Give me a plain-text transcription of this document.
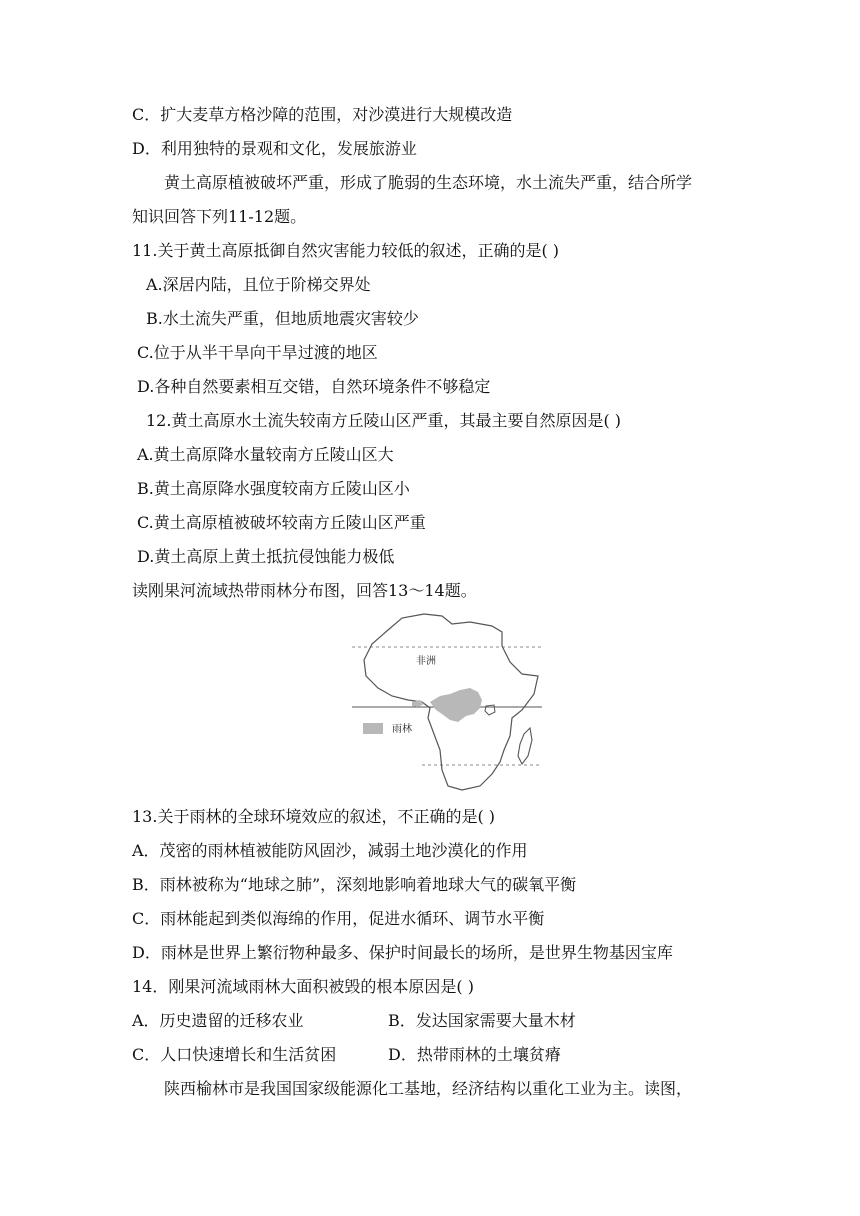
C．扩大麦草方格沙障的范围，对沙漠进行大规模改造
D．利用独特的景观和文化，发展旅游业
黄土高原植被破坏严重，形成了脆弱的生态环境，水土流失严重，结合所学
知识回答下列11-12题。
11.关于黄土高原抵御自然灾害能力较低的叙述，正确的是( )
A.深居内陆，且位于阶梯交界处
B.水土流失严重，但地质地震灾害较少
C.位于从半干旱向干旱过渡的地区
D.各种自然要素相互交错，自然环境条件不够稳定
12.黄土高原水土流失较南方丘陵山区严重，其最主要自然原因是( )
A.黄土高原降水量较南方丘陵山区大
B.黄土高原降水强度较南方丘陵山区小
C.黄土高原植被破坏较南方丘陵山区严重
D.黄土高原上黄土抵抗侵蚀能力极低
读刚果河流域热带雨林分布图，回答13～14题。
非洲
雨林
13.关于雨林的全球环境效应的叙述，不正确的是( )
A．茂密的雨林植被能防风固沙，减弱土地沙漠化的作用
B．雨林被称为“地球之肺”，深刻地影响着地球大气的碳氧平衡
C．雨林能起到类似海绵的作用，促进水循环、调节水平衡
D．雨林是世界上繁衍物种最多、保护时间最长的场所，是世界生物基因宝库
14．刚果河流域雨林大面积被毁的根本原因是( )
A．历史遗留的迁移农业	B．发达国家需要大量木材
C．人口快速增长和生活贫困	D．热带雨林的土壤贫瘠
陕西榆林市是我国国家级能源化工基地，经济结构以重化工业为主。读图，
